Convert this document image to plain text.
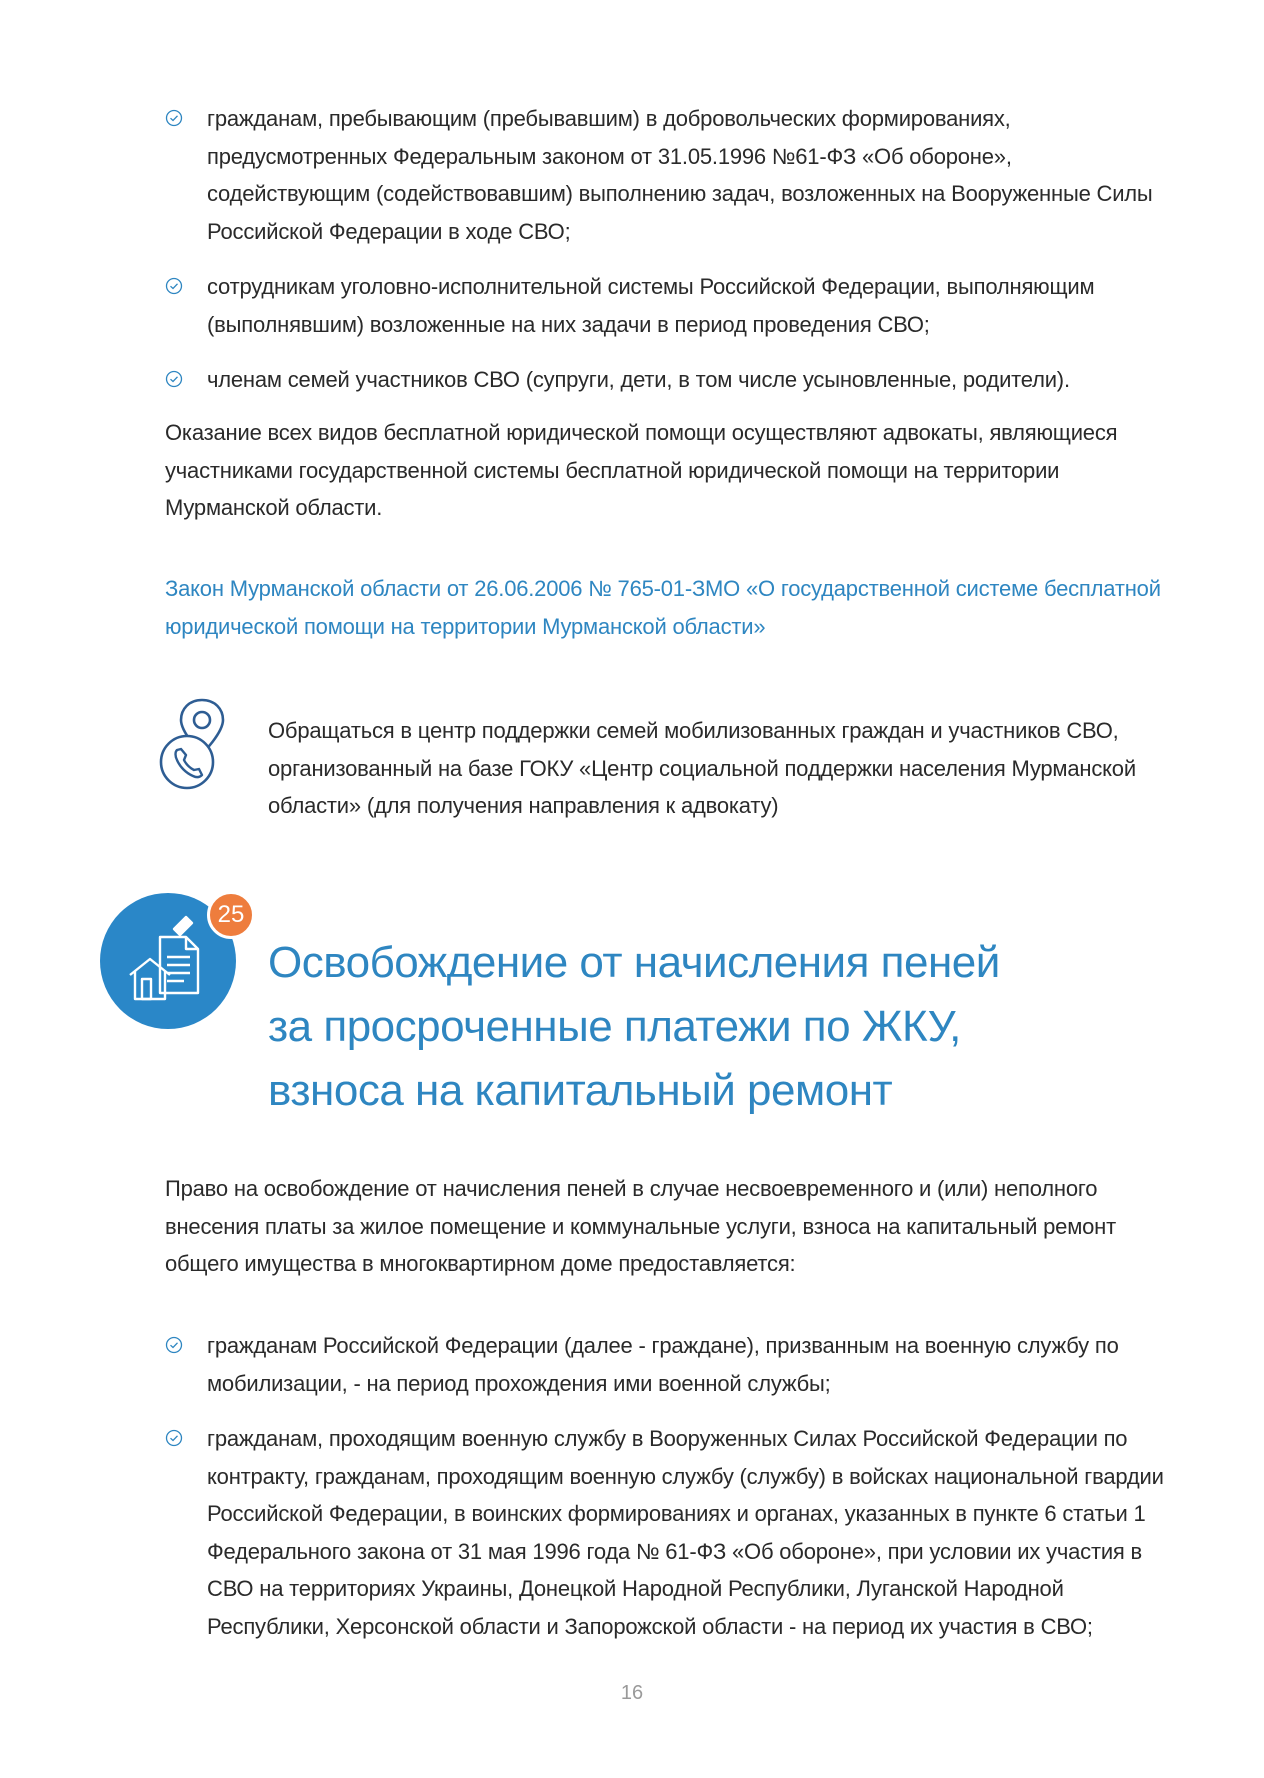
гражданам, пребывающим (пребывавшим) в добровольческих формированиях, предусмотренных Федеральным законом от 31.05.1996 №61-ФЗ «Об обороне», содействующим (содействовавшим) выполнению задач, возложенных на Вооруженные Силы Российской Федерации в ходе СВО;
сотрудникам уголовно-исполнительной системы Российской Федерации, выполняющим (выполнявшим) возложенные на них задачи в период проведения СВО;
членам семей участников СВО (супруги, дети, в том числе усыновленные, родители).

Оказание всех видов бесплатной юридической помощи осуществляют адвокаты, являющиеся участниками государственной системы бесплатной юридической помощи на территории Мурманской области.

Закон Мурманской области от 26.06.2006 № 765-01-ЗМО «О государственной системе бесплатной юридической помощи на территории Мурманской области»

Обращаться в центр поддержки семей мобилизованных граждан и участников СВО, организованный на базе ГОКУ «Центр социальной поддержки населения Мурманской области» (для получения направления к адвокату)

25
Освобождение от начисления пеней
за просроченные платежи по ЖКУ,
взноса на капитальный ремонт

Право на освобождение от начисления пеней в случае несвоевременного и (или) неполного внесения платы за жилое помещение и коммунальные услуги, взноса на капитальный ремонт общего имущества в многоквартирном доме предоставляется:

гражданам Российской Федерации (далее - граждане), призванным на военную службу по мобилизации, - на период прохождения ими военной службы;
гражданам, проходящим военную службу в Вооруженных Силах Российской Федерации по контракту, гражданам, проходящим военную службу (службу) в войсках национальной гвардии Российской Федерации, в воинских формированиях и органах, указанных в пункте 6 статьи 1 Федерального закона от 31 мая 1996 года № 61-ФЗ «Об обороне», при условии их участия в СВО на территориях Украины, Донецкой Народной Республики, Луганской Народной Республики, Херсонской области и Запорожской области - на период их участия в СВО;
16
